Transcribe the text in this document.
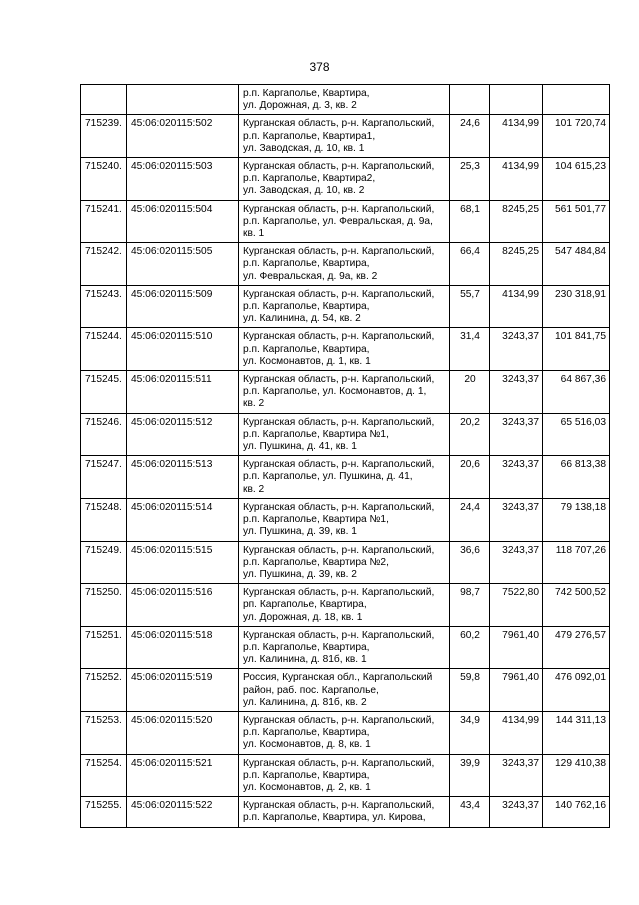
378

		р.п. Каргаполье, Квартира,
ул. Дорожная, д. 3, кв. 2			

715239.	45:06:020115:502	Курганская область, р-н. Каргапольский,
р.п. Каргаполье, Квартира1,
ул. Заводская, д. 10, кв. 1	24,6	4134,99	101 720,74
715240.	45:06:020115:503	Курганская область, р-н. Каргапольский,
р.п. Каргаполье, Квартира2,
ул. Заводская, д. 10, кв. 2	25,3	4134,99	104 615,23
715241.	45:06:020115:504	Курганская область, р-н. Каргапольский,
р.п. Каргаполье, ул. Февральская, д. 9а,
кв. 1	68,1	8245,25	561 501,77
715242.	45:06:020115:505	Курганская область, р-н. Каргапольский,
р.п. Каргаполье, Квартира,
ул. Февральская, д. 9а, кв. 2	66,4	8245,25	547 484,84
715243.	45:06:020115:509	Курганская область, р-н. Каргапольский,
р.п. Каргаполье, Квартира,
ул. Калинина, д. 54, кв. 2	55,7	4134,99	230 318,91
715244.	45:06:020115:510	Курганская область, р-н. Каргапольский,
р.п. Каргаполье, Квартира,
ул. Космонавтов, д. 1, кв. 1	31,4	3243,37	101 841,75
715245.	45:06:020115:511	Курганская область, р-н. Каргапольский,
р.п. Каргаполье, ул. Космонавтов, д. 1,
кв. 2	20	3243,37	64 867,36
715246.	45:06:020115:512	Курганская область, р-н. Каргапольский,
р.п. Каргаполье, Квартира №1,
ул. Пушкина, д. 41, кв. 1	20,2	3243,37	65 516,03
715247.	45:06:020115:513	Курганская область, р-н. Каргапольский,
р.п. Каргаполье, ул. Пушкина, д. 41,
кв. 2	20,6	3243,37	66 813,38
715248.	45:06:020115:514	Курганская область, р-н. Каргапольский,
р.п. Каргаполье, Квартира №1,
ул. Пушкина, д. 39, кв. 1	24,4	3243,37	79 138,18
715249.	45:06:020115:515	Курганская область, р-н. Каргапольский,
р.п. Каргаполье, Квартира №2,
ул. Пушкина, д. 39, кв. 2	36,6	3243,37	118 707,26
715250.	45:06:020115:516	Курганская область, р-н. Каргапольский,
рп. Каргаполье, Квартира,
ул. Дорожная, д. 18, кв. 1	98,7	7522,80	742 500,52
715251.	45:06:020115:518	Курганская область, р-н. Каргапольский,
р.п. Каргаполье, Квартира,
ул. Калинина, д. 81б, кв. 1	60,2	7961,40	479 276,57
715252.	45:06:020115:519	Россия, Курганская обл., Каргапольский
район, раб. пос. Каргаполье,
ул. Калинина, д. 81б, кв. 2	59,8	7961,40	476 092,01
715253.	45:06:020115:520	Курганская область, р-н. Каргапольский,
р.п. Каргаполье, Квартира,
ул. Космонавтов, д. 8, кв. 1	34,9	4134,99	144 311,13
715254.	45:06:020115:521	Курганская область, р-н. Каргапольский,
р.п. Каргаполье, Квартира,
ул. Космонавтов, д. 2, кв. 1	39,9	3243,37	129 410,38
715255.	45:06:020115:522	Курганская область, р-н. Каргапольский,
р.п. Каргаполье, Квартира, ул. Кирова,	43,4	3243,37	140 762,16
